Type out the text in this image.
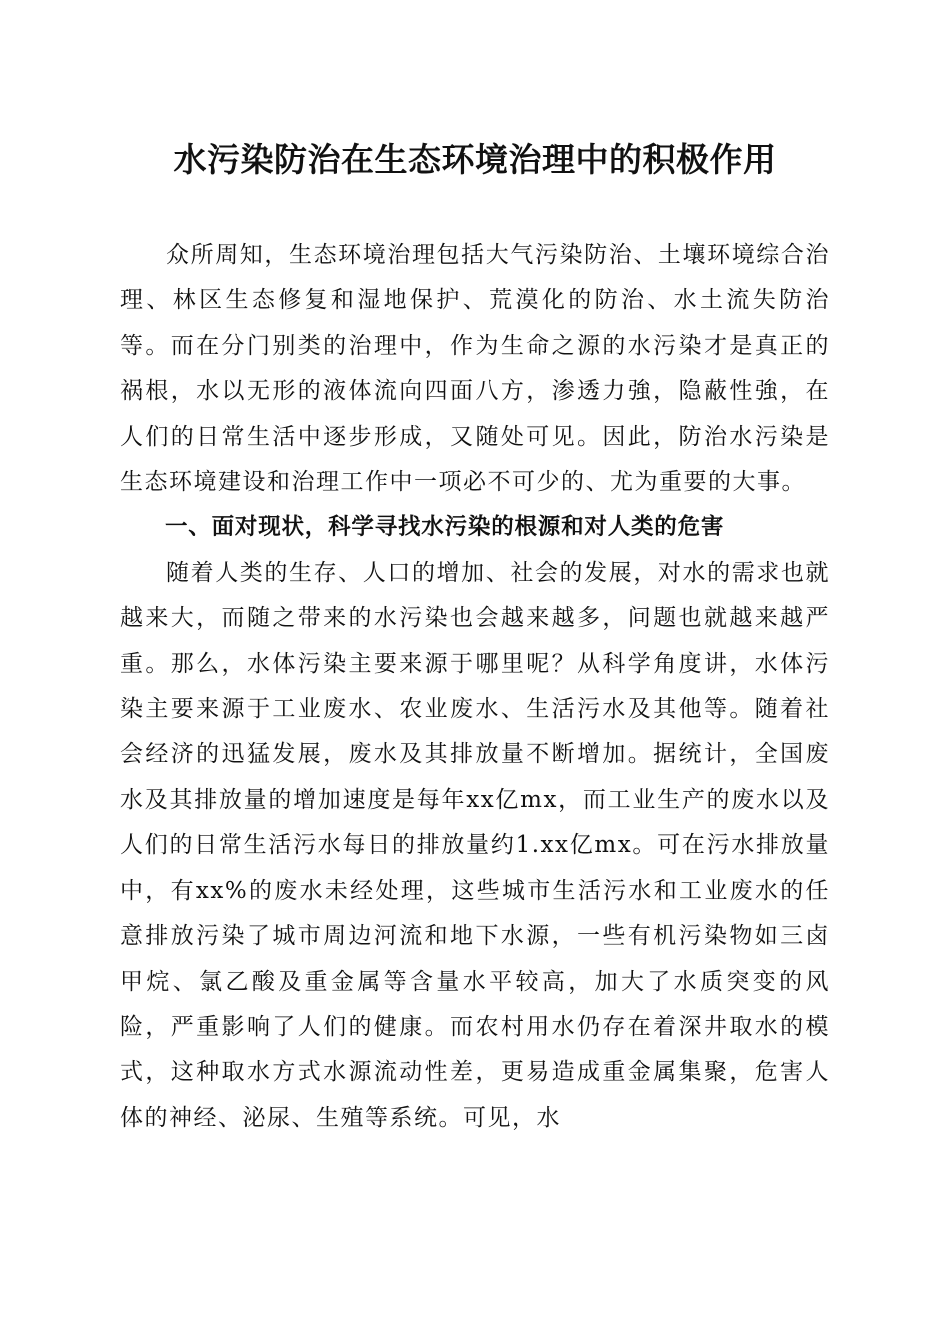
水污染防治在生态环境治理中的积极作用

众所周知，生态环境治理包括大气污染防治、土壤环境综合治理、林区生态修复和湿地保护、荒漠化的防治、水土流失防治等。而在分门别类的治理中，作为生命之源的水污染才是真正的祸根，水以无形的液体流向四面八方，渗透力強，隐蔽性強，在人们的日常生活中逐步形成，又随处可见。因此，防治水污染是生态环境建设和治理工作中一项必不可少的、尤为重要的大事。

一、面对现状，科学寻找水污染的根源和对人类的危害

随着人类的生存、人口的增加、社会的发展，对水的需求也就越来大，而随之带来的水污染也会越来越多，问题也就越来越严重。那么，水体污染主要来源于哪里呢？从科学角度讲，水体污染主要来源于工业废水、农业废水、生活污水及其他等。随着社会经济的迅猛发展，废水及其排放量不断增加。据统计，全国废水及其排放量的增加速度是每年xx亿mx，而工业生产的废水以及人们的日常生活污水每日的排放量约1.xx亿mx。可在污水排放量中，有xx%的废水未经处理，这些城市生活污水和工业废水的任意排放污染了城市周边河流和地下水源，一些有机污染物如三卤甲烷、氯乙酸及重金属等含量水平较高，加大了水质突变的风险，严重影响了人们的健康。而农村用水仍存在着深井取水的模式，这种取水方式水源流动性差，更易造成重金属集聚，危害人体的神经、泌尿、生殖等系统。可见，水
